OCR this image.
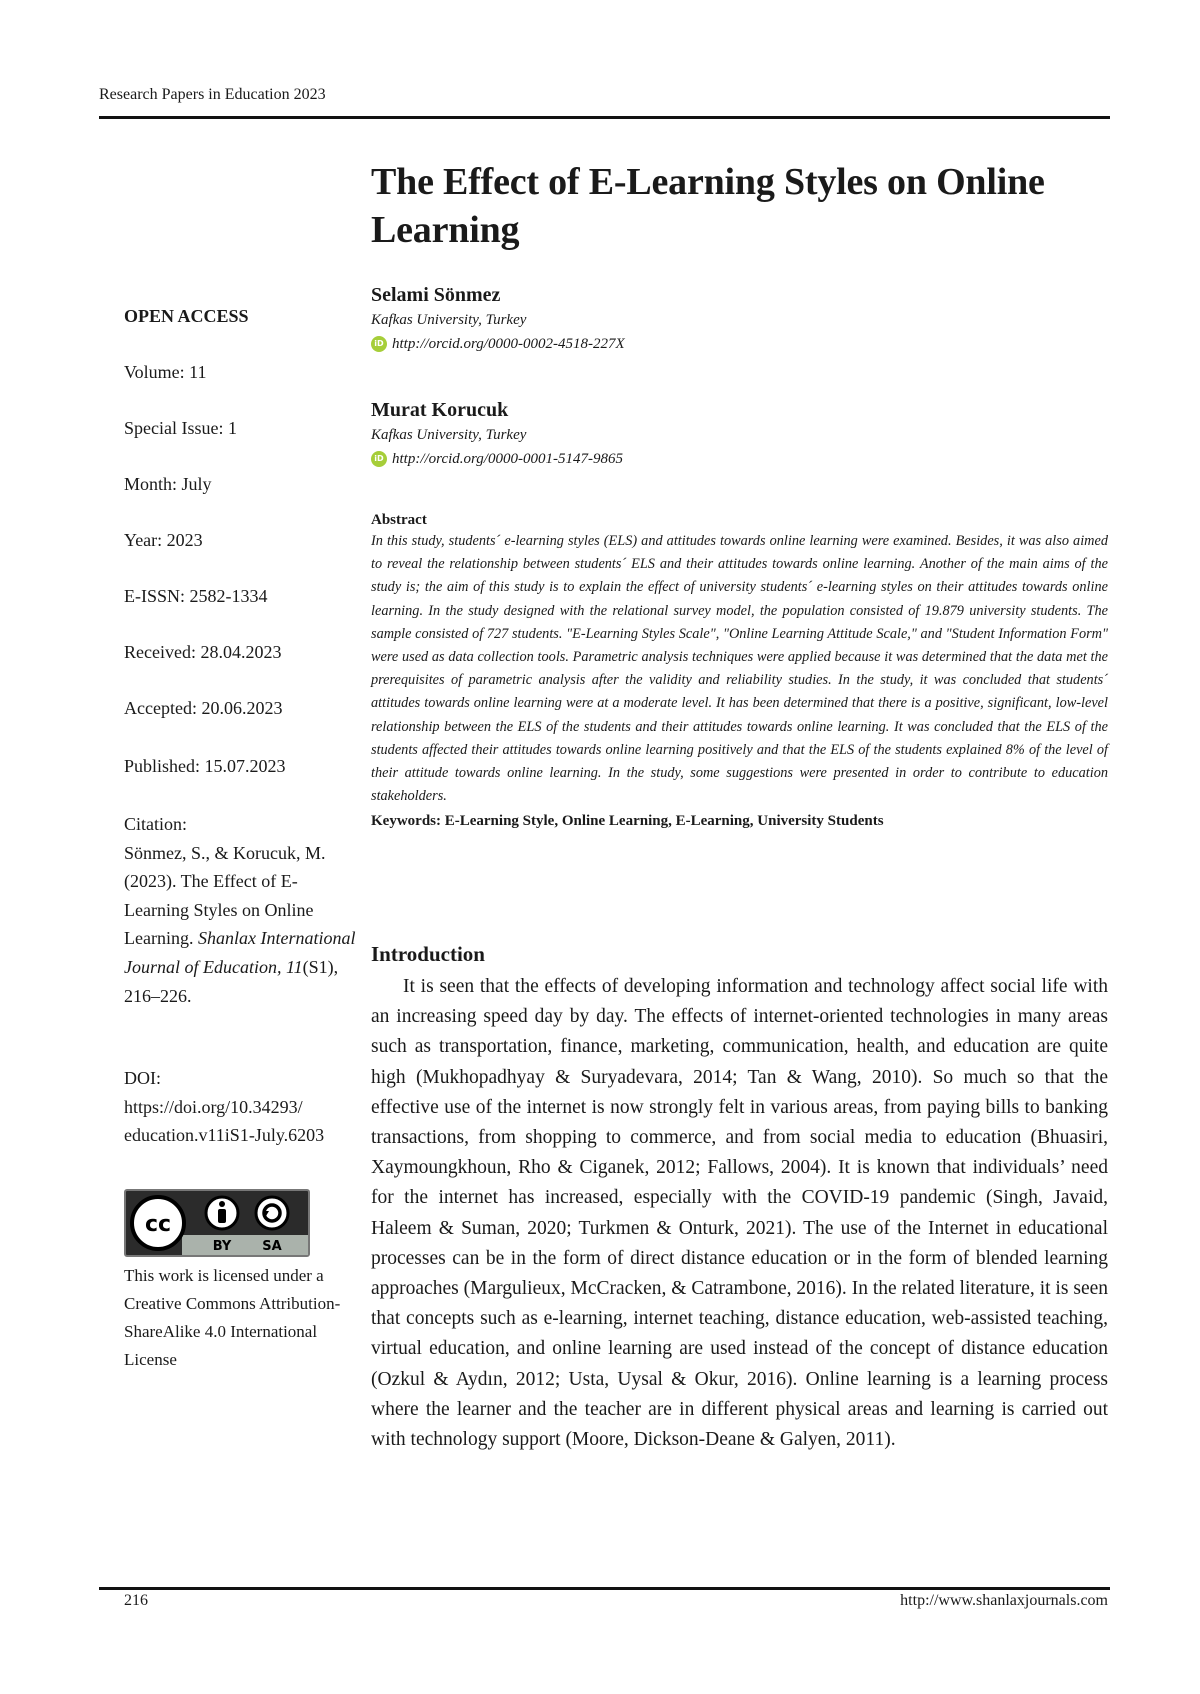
Research Papers in Education 2023
OPEN ACCESS
Volume: 11
Special Issue: 1
Month: July
Year: 2023
E-ISSN: 2582-1334
Received: 28.04.2023
Accepted: 20.06.2023
Published: 15.07.2023
Citation:
Sönmez, S., & Korucuk, M. (2023). The Effect of E-Learning Styles on Online Learning. Shanlax International Journal of Education, 11(S1), 216–226.
DOI:
https://doi.org/10.34293/ education.v11iS1-July.6203
cc
BY SA
This work is licensed under a Creative Commons Attribution-ShareAlike 4.0 International License
The Effect of E-Learning Styles on Online Learning
Selami Sönmez
Kafkas University, Turkey
iD http://orcid.org/0000-0002-4518-227X
Murat Korucuk
Kafkas University, Turkey
iD http://orcid.org/0000-0001-5147-9865
Abstract

In this study, students´ e-learning styles (ELS) and attitudes towards online learning were examined. Besides, it was also aimed to reveal the relationship between students´ ELS and their attitudes towards online learning. Another of the main aims of the study is; the aim of this study is to explain the effect of university students´ e-learning styles on their attitudes towards online learning. In the study designed with the relational survey model, the population consisted of 19.879 university students. The sample consisted of 727 students. "E-Learning Styles Scale", "Online Learning Attitude Scale," and "Student Information Form" were used as data collection tools. Parametric analysis techniques were applied because it was determined that the data met the prerequisites of parametric analysis after the validity and reliability studies. In the study, it was concluded that students´ attitudes towards online learning were at a moderate level. It has been determined that there is a positive, significant, low-level relationship between the ELS of the students and their attitudes towards online learning. It was concluded that the ELS of the students affected their attitudes towards online learning positively and that the ELS of the students explained 8% of the level of their attitude towards online learning. In the study, some suggestions were presented in order to contribute to education stakeholders.

Keywords: E-Learning Style, Online Learning, E-Learning, University Students
Introduction

It is seen that the effects of developing information and technology affect social life with an increasing speed day by day. The effects of internet-oriented technologies in many areas such as transportation, finance, marketing, communication, health, and education are quite high (Mukhopadhyay & Suryadevara, 2014; Tan & Wang, 2010). So much so that the effective use of the internet is now strongly felt in various areas, from paying bills to banking transactions, from shopping to commerce, and from social media to education (Bhuasiri, Xaymoungkhoun, Rho & Ciganek, 2012; Fallows, 2004). It is known that individuals’ need for the internet has increased, especially with the COVID-19 pandemic (Singh, Javaid, Haleem & Suman, 2020; Turkmen & Onturk, 2021). The use of the Internet in educational processes can be in the form of direct distance education or in the form of blended learning approaches (Margulieux, McCracken, & Catrambone, 2016). In the related literature, it is seen that concepts such as e-learning, internet teaching, distance education, web-assisted teaching, virtual education, and online learning are used instead of the concept of distance education (Ozkul & Aydın, 2012; Usta, Uysal & Okur, 2016). Online learning is a learning process where the learner and the teacher are in different physical areas and learning is carried out with technology support (Moore, Dickson-Deane & Galyen, 2011).

216	http://www.shanlaxjournals.com
